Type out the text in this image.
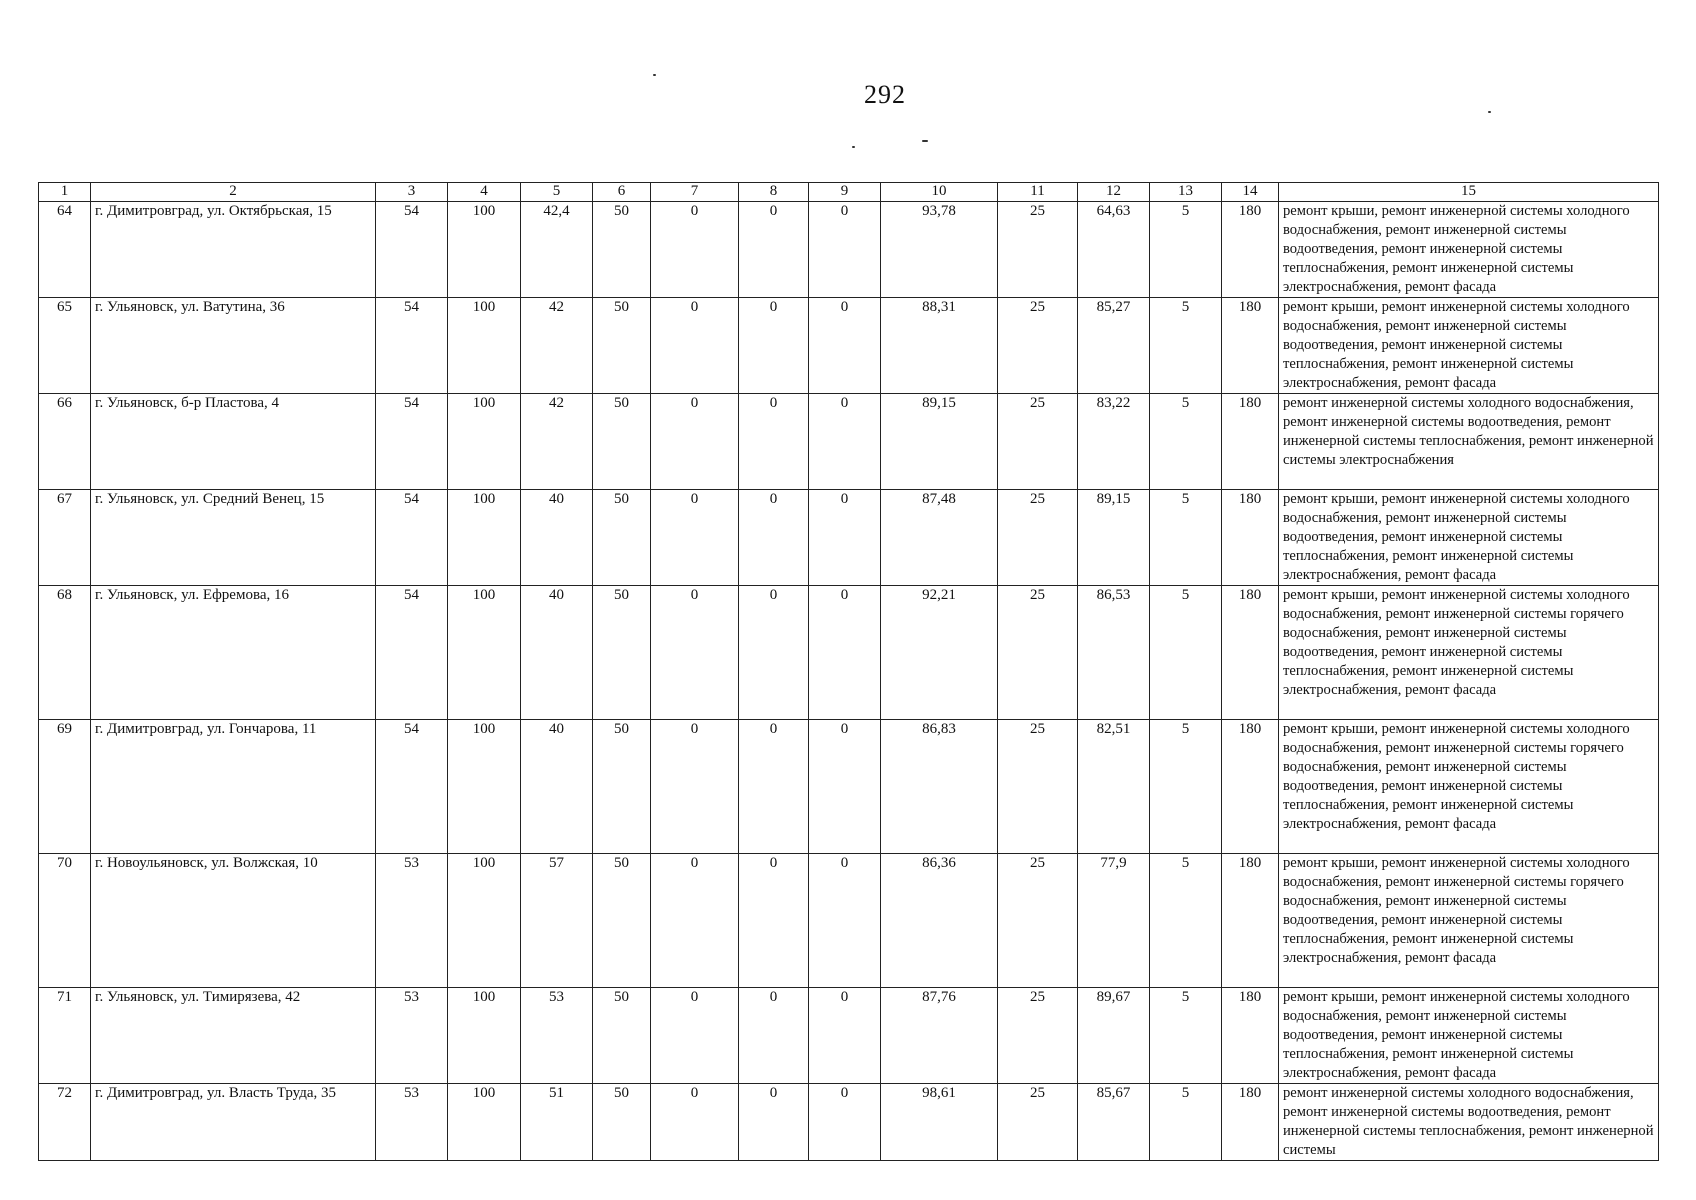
292
1	2	3	4	5	6	7	8	9	10	11	12	13	14	15
64	г. Димитровград, ул. Октябрьская, 15	54	100	42,4	50	0	0	0	93,78	25	64,63	5	180	ремонт крыши, ремонт инженерной системы холодного водоснабжения, ремонт инженерной системы водоотведения, ремонт инженерной системы теплоснабжения, ремонт инженерной системы электроснабжения, ремонт фасада
65	г. Ульяновск, ул. Ватутина, 36	54	100	42	50	0	0	0	88,31	25	85,27	5	180	ремонт крыши, ремонт инженерной системы холодного водоснабжения, ремонт инженерной системы водоотведения, ремонт инженерной системы теплоснабжения, ремонт инженерной системы электроснабжения, ремонт фасада
66	г. Ульяновск, б-р Пластова, 4	54	100	42	50	0	0	0	89,15	25	83,22	5	180	ремонт инженерной системы холодного водоснабжения, ремонт инженерной системы водоотведения, ремонт инженерной системы теплоснабжения, ремонт инженерной системы электроснабжения
67	г. Ульяновск, ул. Средний Венец, 15	54	100	40	50	0	0	0	87,48	25	89,15	5	180	ремонт крыши, ремонт инженерной системы холодного водоснабжения, ремонт инженерной системы водоотведения, ремонт инженерной системы теплоснабжения, ремонт инженерной системы электроснабжения, ремонт фасада
68	г. Ульяновск, ул. Ефремова, 16	54	100	40	50	0	0	0	92,21	25	86,53	5	180	ремонт крыши, ремонт инженерной системы холодного водоснабжения, ремонт инженерной системы горячего водоснабжения, ремонт инженерной системы водоотведения, ремонт инженерной системы теплоснабжения, ремонт инженерной системы электроснабжения, ремонт фасада
69	г. Димитровград, ул. Гончарова, 11	54	100	40	50	0	0	0	86,83	25	82,51	5	180	ремонт крыши, ремонт инженерной системы холодного водоснабжения, ремонт инженерной системы горячего водоснабжения, ремонт инженерной системы водоотведения, ремонт инженерной системы теплоснабжения, ремонт инженерной системы электроснабжения, ремонт фасада
70	г. Новоульяновск, ул. Волжская, 10	53	100	57	50	0	0	0	86,36	25	77,9	5	180	ремонт крыши, ремонт инженерной системы холодного водоснабжения, ремонт инженерной системы горячего водоснабжения, ремонт инженерной системы водоотведения, ремонт инженерной системы теплоснабжения, ремонт инженерной системы электроснабжения, ремонт фасада
71	г. Ульяновск, ул. Тимирязева, 42	53	100	53	50	0	0	0	87,76	25	89,67	5	180	ремонт крыши, ремонт инженерной системы холодного водоснабжения, ремонт инженерной системы водоотведения, ремонт инженерной системы теплоснабжения, ремонт инженерной системы электроснабжения, ремонт фасада
72	г. Димитровград, ул. Власть Труда, 35	53	100	51	50	0	0	0	98,61	25	85,67	5	180	ремонт инженерной системы холодного водоснабжения, ремонт инженерной системы водоотведения, ремонт инженерной системы теплоснабжения, ремонт инженерной системы
